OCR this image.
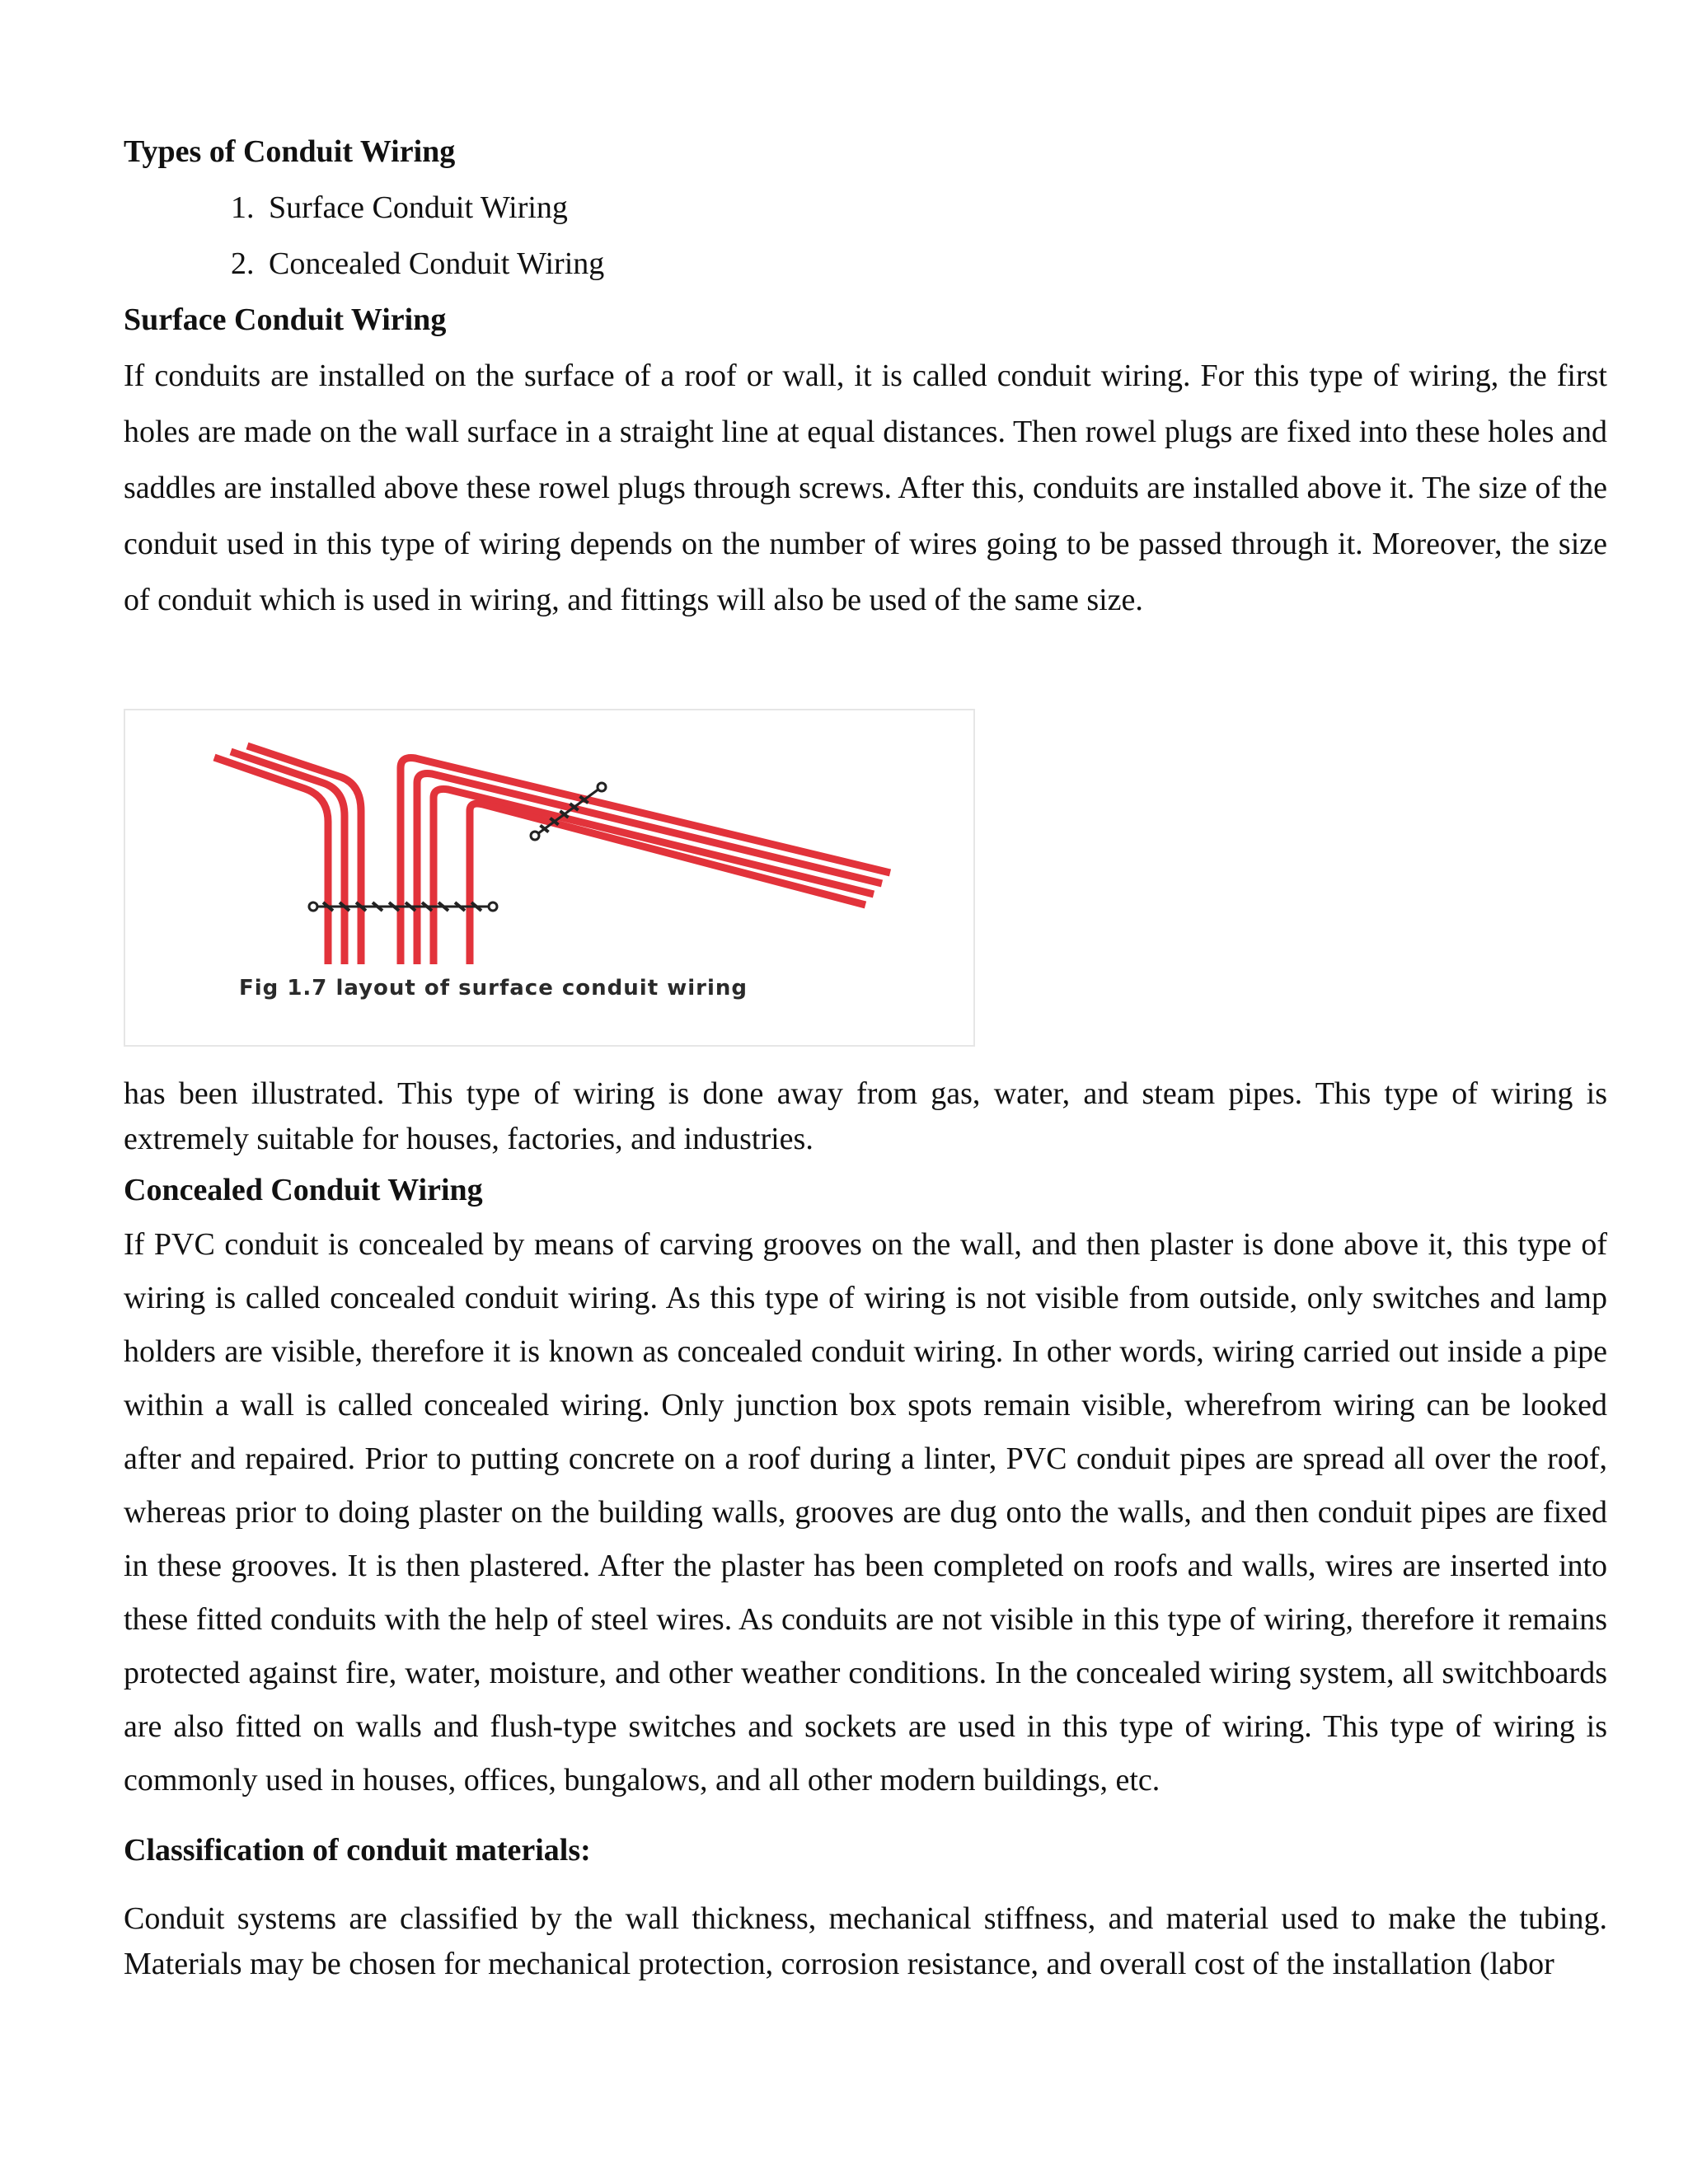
Types of Conduit Wiring
1. Surface Conduit Wiring
2. Concealed Conduit Wiring
Surface Conduit Wiring

If conduits are installed on the surface of a roof or wall, it is called conduit wiring. For this type of wiring, the first holes are made on the wall surface in a straight line at equal distances. Then rowel plugs are fixed into these holes and saddles are installed above these rowel plugs through screws. After this, conduits are installed above it. The size of the conduit used in this type of wiring depends on the number of wires going to be passed through it. Moreover, the size of conduit which is used in wiring, and fittings will also be used of the same size.

Fig 1.7 layout of surface conduit wiring

has been illustrated. This type of wiring is done away from gas, water, and steam pipes. This type of wiring is extremely suitable for houses, factories, and industries.

Concealed Conduit Wiring

If PVC conduit is concealed by means of carving grooves on the wall, and then plaster is done above it, this type of wiring is called concealed conduit wiring. As this type of wiring is not visible from outside, only switches and lamp holders are visible, therefore it is known as concealed conduit wiring. In other words, wiring carried out inside a pipe within a wall is called concealed wiring. Only junction box spots remain visible, wherefrom wiring can be looked after and repaired. Prior to putting concrete on a roof during a linter, PVC conduit pipes are spread all over the roof, whereas prior to doing plaster on the building walls, grooves are dug onto the walls, and then conduit pipes are fixed in these grooves. It is then plastered. After the plaster has been completed on roofs and walls, wires are inserted into these fitted conduits with the help of steel wires. As conduits are not visible in this type of wiring, therefore it remains protected against fire, water, moisture, and other weather conditions. In the concealed wiring system, all switchboards are also fitted on walls and flush-type switches and sockets are used in this type of wiring. This type of wiring is commonly used in houses, offices, bungalows, and all other modern buildings, etc.

Classification of conduit materials:

Conduit systems are classified by the wall thickness, mechanical stiffness, and material used to make the tubing. Materials may be chosen for mechanical protection, corrosion resistance, and overall cost of the installation (labor
